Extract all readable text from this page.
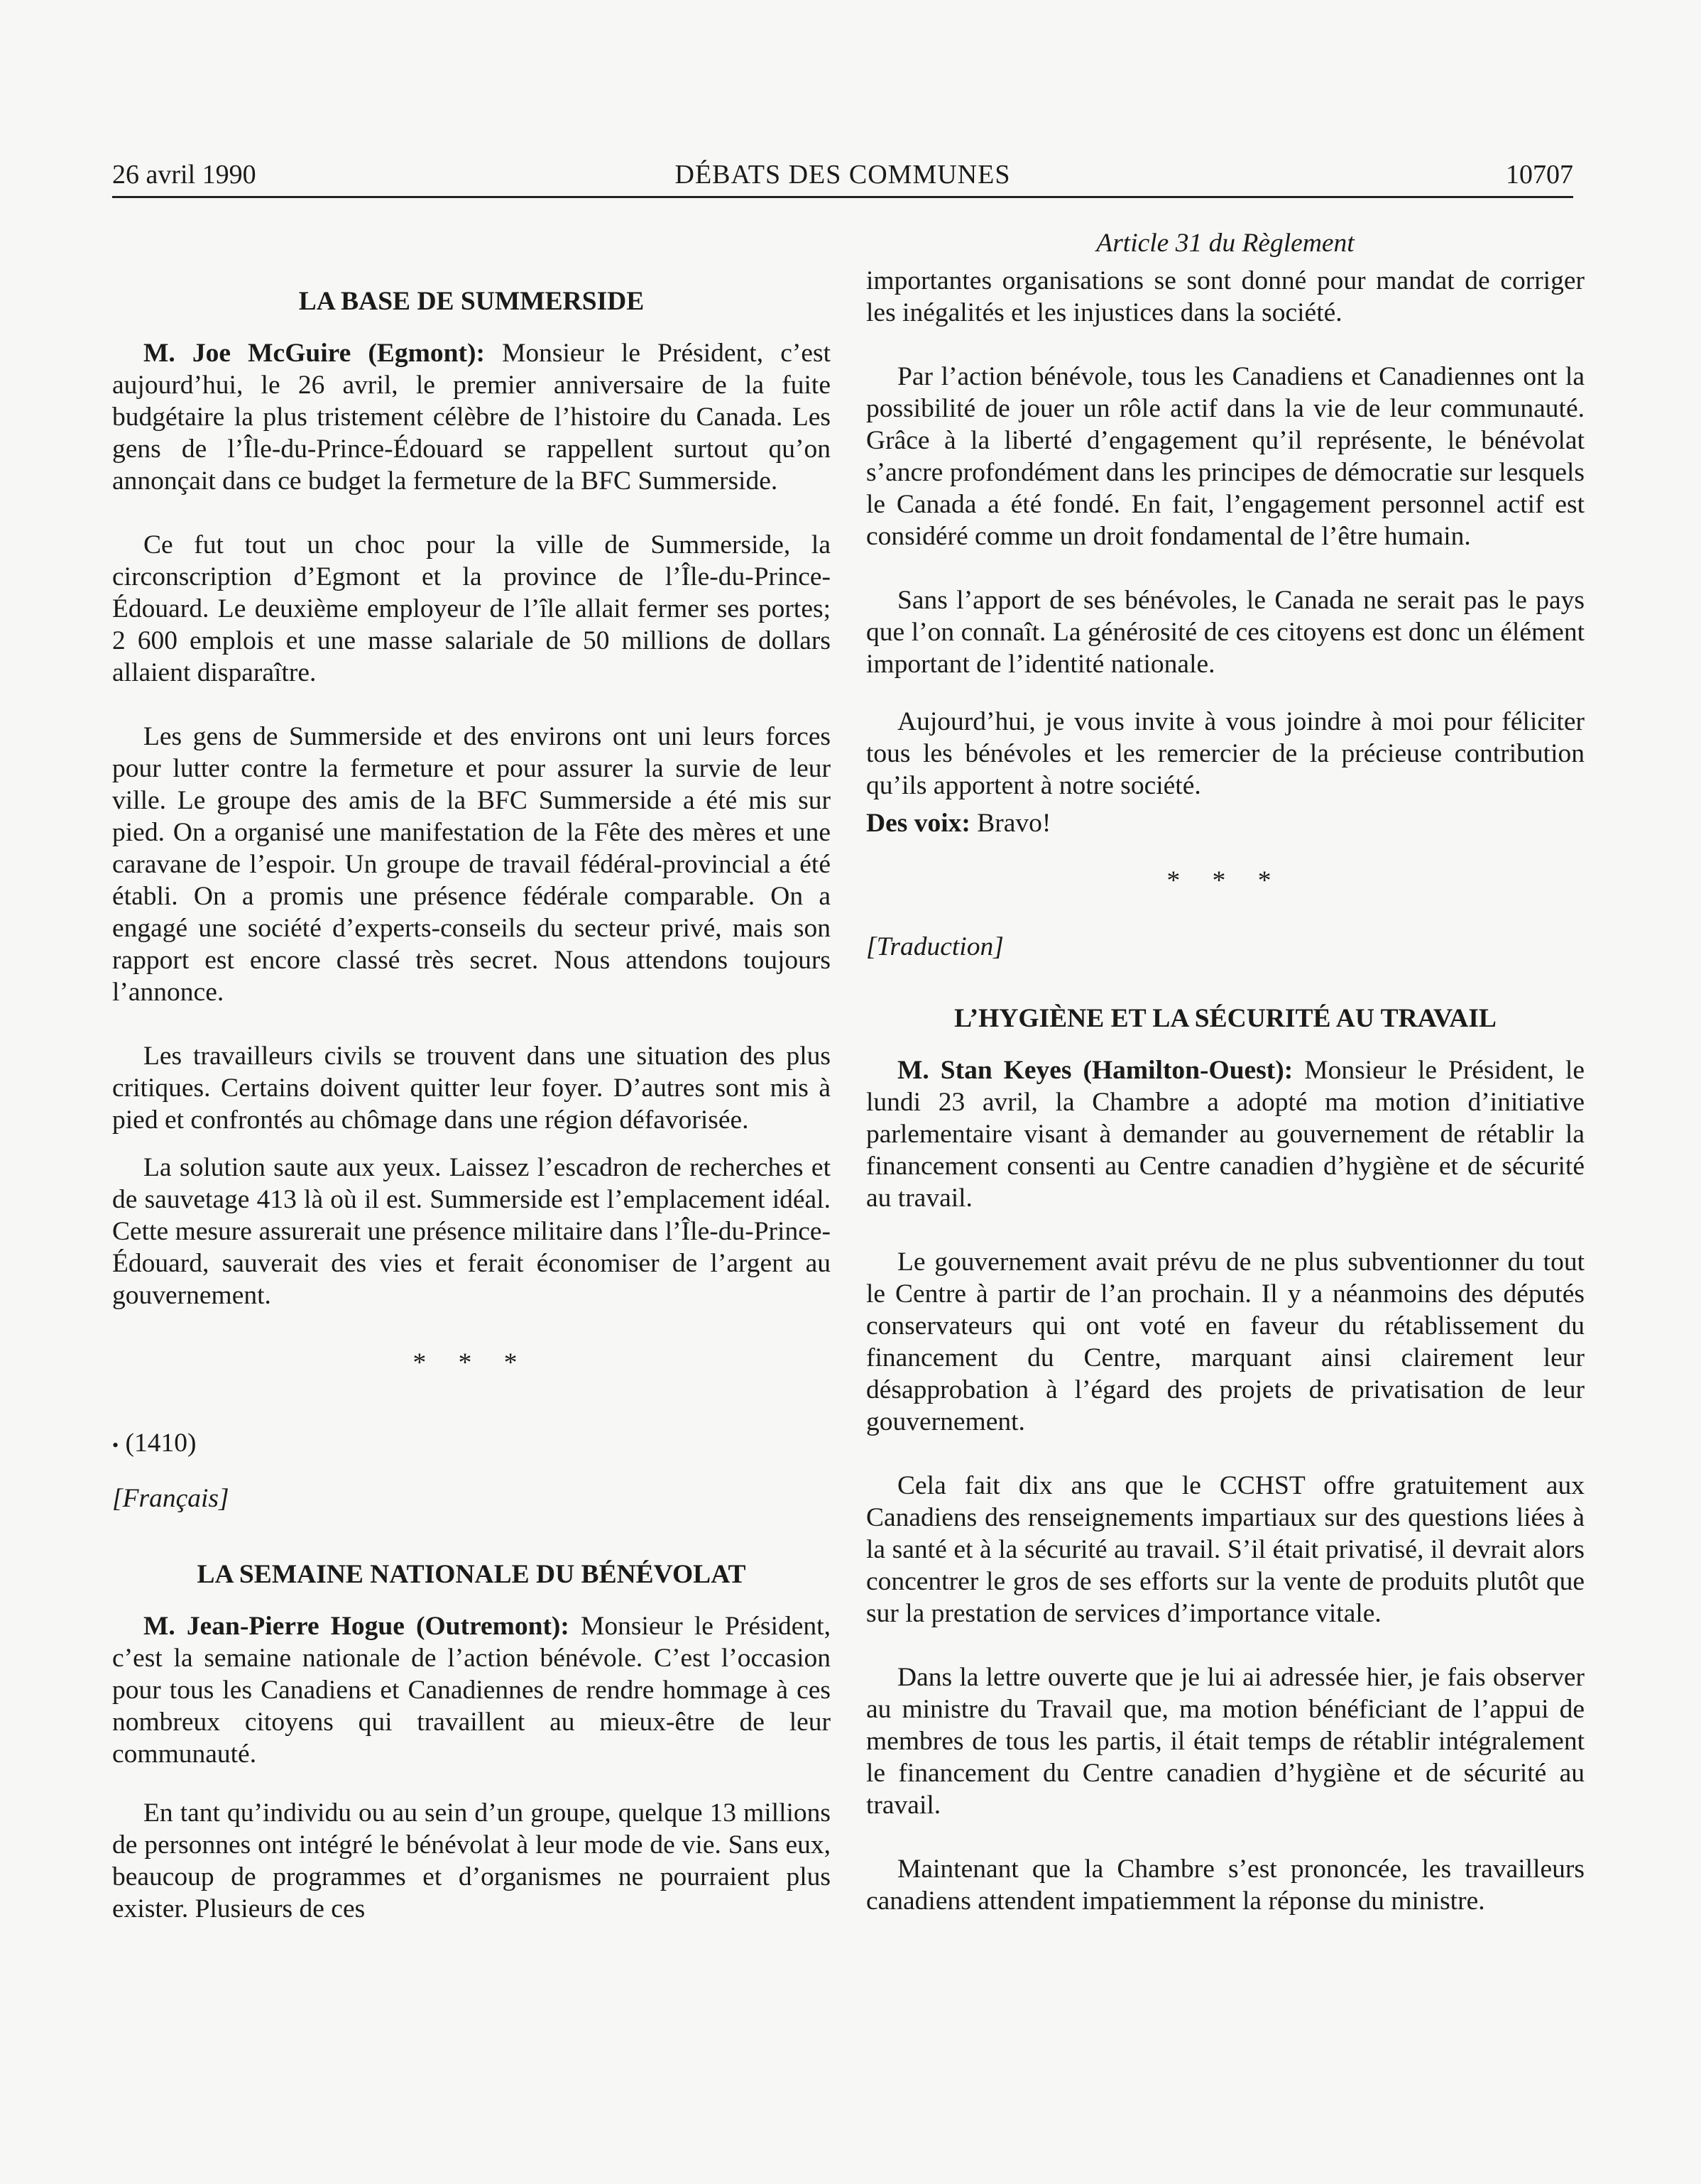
26 avril 1990	DÉBATS DES COMMUNES	10707
LA BASE DE SUMMERSIDE

M. Joe McGuire (Egmont): Monsieur le Président, c’est aujourd’hui, le 26 avril, le premier anniversaire de la fuite budgétaire la plus tristement célèbre de l’histoire du Canada. Les gens de l’Île-du-Prince-Édouard se rappellent surtout qu’on annonçait dans ce budget la fermeture de la BFC Summerside.

Ce fut tout un choc pour la ville de Summerside, la circonscription d’Egmont et la province de l’Île-du-Prince-Édouard. Le deuxième employeur de l’île allait fermer ses portes; 2 600 emplois et une masse salariale de 50 millions de dollars allaient disparaître.

Les gens de Summerside et des environs ont uni leurs forces pour lutter contre la fermeture et pour assurer la survie de leur ville. Le groupe des amis de la BFC Summerside a été mis sur pied. On a organisé une manifestation de la Fête des mères et une caravane de l’espoir. Un groupe de travail fédéral-provincial a été établi. On a promis une présence fédérale comparable. On a engagé une société d’experts-conseils du secteur privé, mais son rapport est encore classé très secret. Nous attendons toujours l’annonce.

Les travailleurs civils se trouvent dans une situation des plus critiques. Certains doivent quitter leur foyer. D’autres sont mis à pied et confrontés au chômage dans une région défavorisée.

La solution saute aux yeux. Laissez l’escadron de recherches et de sauvetage 413 là où il est. Summerside est l’emplacement idéal. Cette mesure assurerait une présence militaire dans l’Île-du-Prince-Édouard, sauverait des vies et ferait économiser de l’argent au gouvernement.

* * *
• (1410)
[Français]
LA SEMAINE NATIONALE DU BÉNÉVOLAT

M. Jean-Pierre Hogue (Outremont): Monsieur le Président, c’est la semaine nationale de l’action bénévole. C’est l’occasion pour tous les Canadiens et Canadiennes de rendre hommage à ces nombreux citoyens qui travaillent au mieux-être de leur communauté.

En tant qu’individu ou au sein d’un groupe, quelque 13 millions de personnes ont intégré le bénévolat à leur mode de vie. Sans eux, beaucoup de programmes et d’organismes ne pourraient plus exister. Plusieurs de ces

Article 31 du Règlement

importantes organisations se sont donné pour mandat de corriger les inégalités et les injustices dans la société.

Par l’action bénévole, tous les Canadiens et Canadiennes ont la possibilité de jouer un rôle actif dans la vie de leur communauté. Grâce à la liberté d’engagement qu’il représente, le bénévolat s’ancre profondément dans les principes de démocratie sur lesquels le Canada a été fondé. En fait, l’engagement personnel actif est considéré comme un droit fondamental de l’être humain.

Sans l’apport de ses bénévoles, le Canada ne serait pas le pays que l’on connaît. La générosité de ces citoyens est donc un élément important de l’identité nationale.

Aujourd’hui, je vous invite à vous joindre à moi pour féliciter tous les bénévoles et les remercier de la précieuse contribution qu’ils apportent à notre société.

Des voix: Bravo!

* * *
[Traduction]
L’HYGIÈNE ET LA SÉCURITÉ AU TRAVAIL

M. Stan Keyes (Hamilton-Ouest): Monsieur le Président, le lundi 23 avril, la Chambre a adopté ma motion d’initiative parlementaire visant à demander au gouvernement de rétablir la financement consenti au Centre canadien d’hygiène et de sécurité au travail.

Le gouvernement avait prévu de ne plus subventionner du tout le Centre à partir de l’an prochain. Il y a néanmoins des députés conservateurs qui ont voté en faveur du rétablissement du financement du Centre, marquant ainsi clairement leur désapprobation à l’égard des projets de privatisation de leur gouvernement.

Cela fait dix ans que le CCHST offre gratuitement aux Canadiens des renseignements impartiaux sur des questions liées à la santé et à la sécurité au travail. S’il était privatisé, il devrait alors concentrer le gros de ses efforts sur la vente de produits plutôt que sur la prestation de services d’importance vitale.

Dans la lettre ouverte que je lui ai adressée hier, je fais observer au ministre du Travail que, ma motion bénéficiant de l’appui de membres de tous les partis, il était temps de rétablir intégralement le financement du Centre canadien d’hygiène et de sécurité au travail.

Maintenant que la Chambre s’est prononcée, les travailleurs canadiens attendent impatiemment la réponse du ministre.
